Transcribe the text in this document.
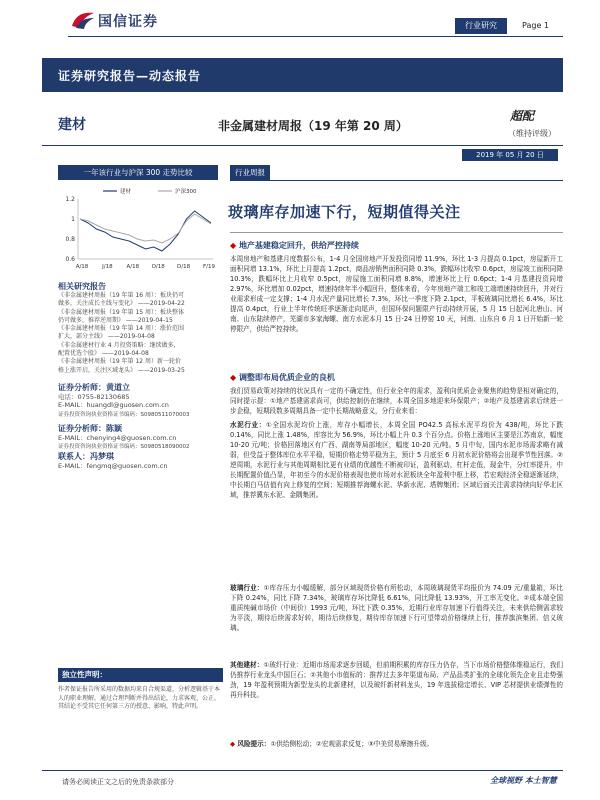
国信证券	行业研究	Page 1
证券研究报告—动态报告
建材	非金属建材周报（19 年第 20 周）
超配
（维持评级）
2019 年 05 月 20 日
一年该行业与沪深 300 走势比较
建材	沪深300
1.2
1
0.8
0.6
A/18	J/18	A/18 O/18 D/18 F/19
相关研究报告

《非金属建材周报（19 年第 16 周）：板块仍可

做多，关注成长主线与变化》 ——2019-04-22

《非金属建材周报（19 年第 15 周）：板块整体

仍可做多，推荐逆周期》 ——2019-04-15

《非金属建材周报（19 年第 14 周）：涨价范围

扩大，部分主线》 ——2019-04-08

《非金属建材行业 4 月投资策略：继续做多，

配置优选个股》 ——2019-04-08

《非金属建材周报（19 年第 12 周）新一轮价

格上涨开启，关注区域龙头》 ——2019-03-25

证券分析师：黄道立
电话：0755-82130685
E-MAIL：huangdl@guosen.com.cn
证券投资咨询执业资格证书编码：S0980511070003
证券分析师：陈颖
E-MAIL：chenying4@guosen.com.cn
证券投资咨询执业资格证书编码：S0980518090002
联系人：冯梦琪
E-MAIL：fengmq@guosen.com.cn
独立性声明：
作者保证报告所采用的数据均来自合规渠道，分析逻辑基于本人的职业理解，通过合理判断并得出结论，力求客观、公正，其结论不受其它任何第三方的授意、影响，特此声明。
行业周报
玻璃库存加速下行，短期值得关注
◆ 地产基建稳定回升，供给严控持续
本周房地产和基建月度数据公布，1-4 月全国房地产开发投资同增 11.9%，环比 1-3 月提高 0.1pct，房屋新开工面积同增 13.1%，环比上月提高 1.2pct，商品房销售面积同降 0.3%，跌幅环比收窄 0.6pct，房屋竣工面积同降 10.3%，跌幅环比上月收窄 0.5pct，房屋施工面积同增 8.8%，增速环比上行 0.6pct；1-4 月基建投资同增 2.97%，环比增加 0.02pct，增速持续年半小幅回升，整体来看，今年房地产端工和竣工端增速持续回升，并对行业需求形成一定支撑；1-4 月水泥产量同比增长 7.3%，环比一季度下降 2.1pct，平板玻璃同比增长 6.4%，环比提高 0.4pct，行业上半年传统旺季逐渐走向尾声，但国环保问题限产行动持续开展，5 月 15 日起河北唐山、河南、山东陆续停产，芜湖市多家海螺、南方水泥本月 15 日-24 日停窑 10 天，河南、山东自 6 月 1 日开始新一轮停限产，供给严控持续。
◆ 调整即布局优质企业的良机
我们贸易政策对持续的状况具有一定的不确定性，但行业全年的需求，盈利向优质企业聚焦的趋势是相对确定的，同时提示提：①地产基建需求尚可，供给控制仍在继续，本周全国多地迎来环保限产；②地产及基建需求后续进一步企稳，短期段数多周期具备一定中长期战略意义，分行业来看：
水泥行业：①全国水泥均价上涨，库存小幅增长，本周全国 PO42.5 高标水泥平均价为 438/吨，环比下跌 0.14%，同比上涨 1.48%，库容比为 56.9%，环比小幅上升 0.3 个百分点。价格上涨地区主要是江苏南京，幅度 10-20 元/吨；价格回落地区有广西、湖南等局部地区，幅度 10-20 元/吨。5 月中旬，国内水泥市场需求略有减弱，但受益于整体库位水平平稳，短期价格走势平稳为主，预计 5 月底至 6 月初水泥价格将会出现季节性回落。②逆周期，水泥行业与其他周期相比更有业绩的优越性不断被印证，盈利驱动，杠杆走低，现金牛，分红率提升，中长期配置价值凸显，年初至今的水泥价格表现也使市场对水泥板块全年盈利中枢上移，若宏观经济全稳逐渐延续，中长期白马估值有向上修复的空间；短期推荐海螺水泥、华新水泥、塔牌集团；区域后面关注需求持续向好华北区域，推荐冀东水泥、金隅集团。
玻璃行业：①库存压力小幅缓解，部分区域现货价格有所松动，本周玻璃现货平均报价为 74.09 元/重量箱，环比下降 0.24%，同比下降 7.34%，玻璃库存环比降低 6.61%，同比降低 13.93%，开工率无变化。②成本端全国重质纯碱市场价（中间价）1993 元/吨，环比下跌 0.35%，近期行业库存加速下行值得关注，未来供给侧需求较为平淡，期待后续需求好转，期待后续修复，期待库存加速下行可望带动价格继续上行，推荐旗滨集团、信义玻璃。
其他建材：①玻纤行业：近期市场需求逐步回暖，但前期积累的库存压力仍存，当下市场价格整体维稳运行，我们仍推荐行业龙头中国巨石；②其他小市值标的：推荐过去多年渠道布局、产品品类扩张的全球化领先企业且走势强劲，19 年盈利预期为新型龙头的北新建材，以及玻纤新材料龙头，19 年选拔稳定增长、VIP 芯材提供业绩弹性的再升科技。
◆ 风险提示：①供给侧松动；②宏观需求反复；③中美贸易摩擦升级。
请务必阅读正文之后的免责条款部分	全球视野 本土智慧
